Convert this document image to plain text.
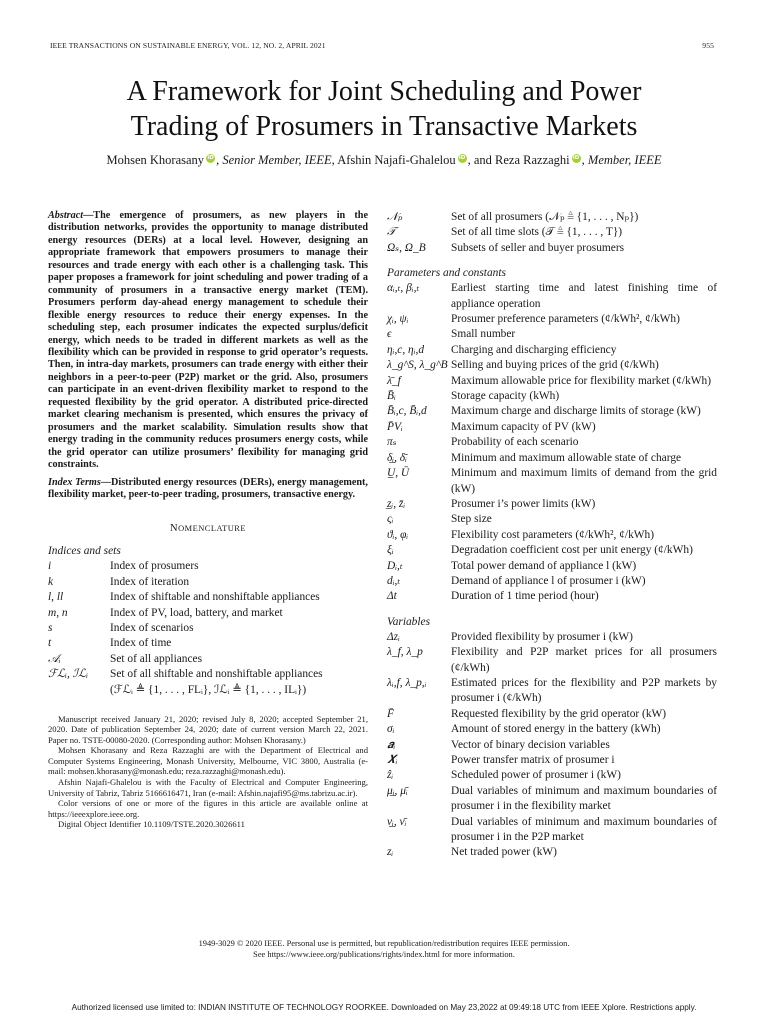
IEEE TRANSACTIONS ON SUSTAINABLE ENERGY, VOL. 12, NO. 2, APRIL 2021	955
A Framework for Joint Scheduling and Power
Trading of Prosumers in Transactive Markets
Mohsen Khorasany iD , Senior Member, IEEE, Afshin Najafi-Ghalelou iD , and Reza Razzaghi iD , Member, IEEE

Abstract—The emergence of prosumers, as new players in the distribution networks, provides the opportunity to manage distributed energy resources (DERs) at a local level. However, designing an appropriate framework that empowers prosumers to manage their resources and trade energy with each other is a challenging task. This paper proposes a framework for joint scheduling and power trading of a community of prosumers in a transactive energy market (TEM). Prosumers perform day-ahead energy management to schedule their flexible energy resources to reduce their energy expenses. In the scheduling step, each prosumer indicates the expected surplus/deficit energy, which needs to be traded in different markets as well as the flexibility which can be provided in response to grid operator’s requests. Then, in intra-day markets, prosumers can trade energy with either their neighbors in a peer-to-peer (P2P) market or the grid. Also, prosumers can participate in an event-driven flexibility market to respond to the requested flexibility by the grid operator. A distributed price-directed market clearing mechanism is presented, which ensures the privacy of prosumers and the market scalability. Simulation results show that energy trading in the community reduces prosumers energy costs, while the grid operator can utilize prosumers’ flexibility for managing grid constraints.

Index Terms—Distributed energy resources (DERs), energy management, flexibility market, peer-to-peer trading, prosumers, transactive energy.

NOMENCLATURE
Indices and sets
i	Index of prosumers
k	Index of iteration
l, ll	Index of shiftable and nonshiftable appliances
m, n	Index of PV, load, battery, and market
s	Index of scenarios
t	Index of time
𝒜ᵢ	Set of all appliances
ℱℒᵢ, ℐℒᵢ	Set of all shiftable and nonshiftable appliances
(ℱℒᵢ ≜ {1, . . . , FLᵢ}, ℐℒᵢ ≜ {1, . . . , ILᵢ})

Manuscript received January 21, 2020; revised July 8, 2020; accepted September 21, 2020. Date of publication September 24, 2020; date of current version March 22, 2021. Paper no. TSTE-00080-2020. (Corresponding author: Mohsen Khorasany.)

Mohsen Khorasany and Reza Razzaghi are with the Department of Electrical and Computer Systems Engineering, Monash University, Melbourne, VIC 3800, Australia (e-mail: mohsen.khorasany@monash.edu; reza.razzaghi@monash.edu).

Afshin Najafi-Ghalelou is with the Faculty of Electrical and Computer Engineering, University of Tabriz, Tabriz 5166616471, Iran (e-mail: Afshin.najafi95@ms.tabrizu.ac.ir).

Color versions of one or more of the figures in this article are available online at https://ieeexplore.ieee.org.

Digital Object Identifier 10.1109/TSTE.2020.3026611

𝒩ₚ	Set of all prosumers (𝒩ₚ ≜ {1, . . . , Nₚ})
𝒯	Set of all time slots (𝒯 ≜ {1, . . . , T})
Ωₛ, Ω_B	Subsets of seller and buyer prosumers
Parameters and constants
αᵢ,ₜ, βᵢ,ₜ	Earliest starting time and latest finishing time of appliance operation
χᵢ, ψᵢ	Prosumer preference parameters (¢/kWh², ¢/kWh)
ϵ	Small number
ηᵢ,c, ηᵢ,d	Charging and discharging efficiency
λ_g^S, λ_g^B Selling and buying prices of the grid (¢/kWh)
λ̄_f	Maximum allowable price for flexibility market (¢/kWh)
B̄ᵢ	Storage capacity (kWh)
B̄ᵢ,c, B̄ᵢ,d	Maximum charge and discharge limits of storage (kW)
P̄Vᵢ	Maximum capacity of PV (kW)
πₛ	Probability of each scenario
δ̲ᵢ, δ̄ᵢ	Minimum and maximum allowable state of charge
U̲, Ū	Minimum and maximum limits of demand from the grid (kW)
z̲ᵢ, z̄ᵢ	Prosumer i’s power limits (kW)
ςᵢ	Step size
ϑᵢ, φᵢ	Flexibility cost parameters (¢/kWh², ¢/kWh)
ξᵢ	Degradation coefficient cost per unit energy (¢/kWh)
Dᵢ,ₜ	Total power demand of appliance l (kW)
dᵢ,ₜ	Demand of appliance l of prosumer i (kW)
Δt	Duration of 1 time period (hour)
Variables
Δzᵢ	Provided flexibility by prosumer i (kW)
λ_f, λ_p	Flexibility and P2P market prices for all prosumers (¢/kWh)
λᵢ,f, λ_p,ᵢ	Estimated prices for the flexibility and P2P markets by prosumer i (¢/kWh)
F̄	Requested flexibility by the grid operator (kW)
σᵢ	Amount of stored energy in the battery (kWh)
𝒂ᵢ	Vector of binary decision variables
𝑿ᵢ	Power transfer matrix of prosumer i
ẑᵢ	Scheduled power of prosumer i (kW)
μ̲ᵢ, μ̄ᵢ	Dual variables of minimum and maximum boundaries of prosumer i in the flexibility market
ν̲ᵢ, ν̄ᵢ	Dual variables of minimum and maximum boundaries of prosumer i in the P2P market
zᵢ	Net traded power (kW)
1949-3029 © 2020 IEEE. Personal use is permitted, but republication/redistribution requires IEEE permission.
See https://www.ieee.org/publications/rights/index.html for more information.
Authorized licensed use limited to: INDIAN INSTITUTE OF TECHNOLOGY ROORKEE. Downloaded on May 23,2022 at 09:49:18 UTC from IEEE Xplore. Restrictions apply.
